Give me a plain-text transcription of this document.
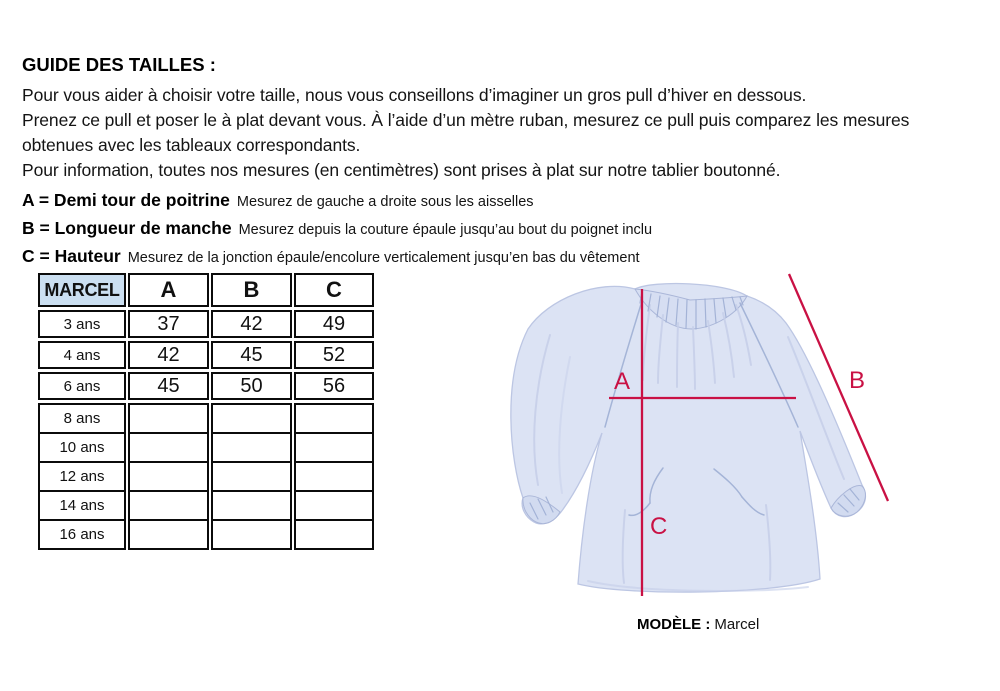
GUIDE DES TAILLES :
Pour vous aider à choisir votre taille, nous vous conseillons d’imaginer un gros pull d’hiver en dessous.
Prenez ce pull et poser le à plat devant vous. À l’aide d’un mètre ruban, mesurez ce pull puis comparez les mesures
obtenues avec les tableaux correspondants.
Pour information, toutes nos mesures (en centimètres) sont prises à plat sur notre tablier boutonné.
A = Demi tour de poitrine Mesurez de gauche a droite sous les aisselles
B = Longueur de manche Mesurez depuis la couture épaule jusqu’au bout du poignet inclu
C = Hauteur Mesurez de la jonction épaule/encolure verticalement jusqu’en bas du vêtement
MARCEL	A	B	C
3 ans	37	42	49
4 ans	42	45	52
6 ans	45	50	56
8 ans
10 ans
12 ans
14 ans
16 ans
A	B
C
MODÈLE : Marcel
